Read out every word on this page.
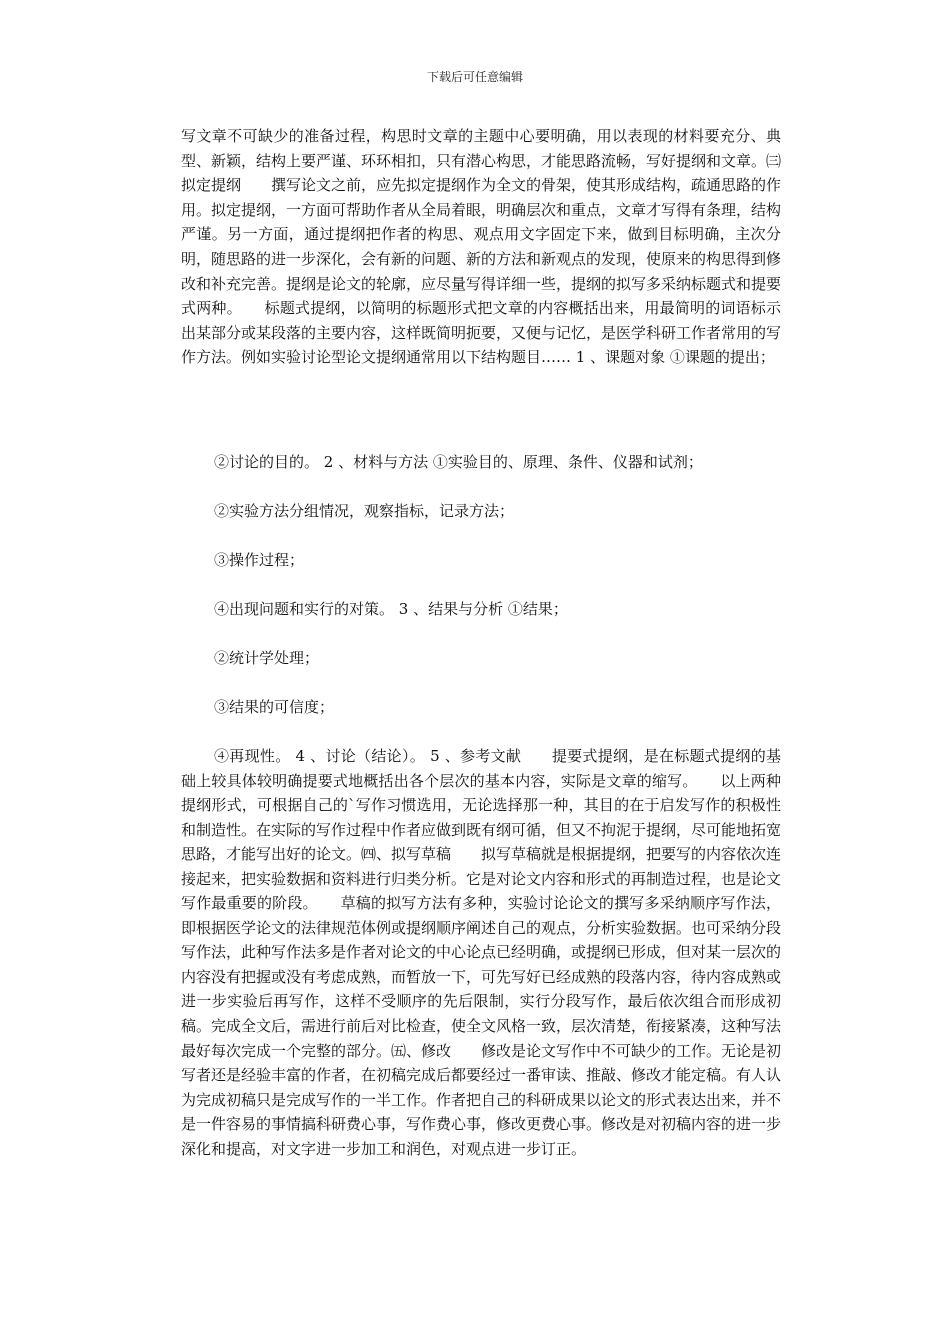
下载后可任意编辑
写文章不可缺少的准备过程，构思时文章的主题中心要明确，用以表现的材料要充分、典型、新颖，结构上要严谨、环环相扣，只有潜心构思，才能思路流畅，写好提纲和文章。㈢拟定提纲　　撰写论文之前，应先拟定提纲作为全文的骨架，使其形成结构，疏通思路的作用。拟定提纲，一方面可帮助作者从全局着眼，明确层次和重点，文章才写得有条理，结构严谨。另一方面，通过提纲把作者的构思、观点用文字固定下来，做到目标明确，主次分明，随思路的进一步深化，会有新的问题、新的方法和新观点的发现，使原来的构思得到修改和补充完善。提纲是论文的轮廓，应尽量写得详细一些，提纲的拟写多采纳标题式和提要式两种。　　标题式提纲，以简明的标题形式把文章的内容概括出来，用最简明的词语标示出某部分或某段落的主要内容，这样既简明扼要，又便与记忆，是医学科研工作者常用的写作方法。例如实验讨论型论文提纲通常用以下结构题目…… 1 、课题对象 ①课题的提出；
②讨论的目的。 2 、材料与方法 ①实验目的、原理、条件、仪器和试剂；
②实验方法分组情况，观察指标，记录方法；
③操作过程；
④出现问题和实行的对策。 3 、结果与分析 ①结果；
②统计学处理；
③结果的可信度；
④再现性。 4 、讨论（结论）。 5 、参考文献　　提要式提纲，是在标题式提纲的基础上较具体较明确提要式地概括出各个层次的基本内容，实际是文章的缩写。　　以上两种提纲形式，可根据自己的`写作习惯选用，无论选择那一种，其目的在于启发写作的积极性和制造性。在实际的写作过程中作者应做到既有纲可循，但又不拘泥于提纲，尽可能地拓宽思路，才能写出好的论文。㈣、拟写草稿　　拟写草稿就是根据提纲，把要写的内容依次连接起来，把实验数据和资料进行归类分析。它是对论文内容和形式的再制造过程，也是论文写作最重要的阶段。　　草稿的拟写方法有多种，实验讨论论文的撰写多采纳顺序写作法，即根据医学论文的法律规范体例或提纲顺序阐述自己的观点，分析实验数据。也可采纳分段写作法，此种写作法多是作者对论文的中心论点已经明确，或提纲已形成，但对某一层次的内容没有把握或没有考虑成熟，而暂放一下，可先写好已经成熟的段落内容，待内容成熟或进一步实验后再写作，这样不受顺序的先后限制，实行分段写作，最后依次组合而形成初稿。完成全文后，需进行前后对比检查，使全文风格一致，层次清楚，衔接紧凑，这种写法最好每次完成一个完整的部分。㈤、修改　　修改是论文写作中不可缺少的工作。无论是初写者还是经验丰富的作者，在初稿完成后都要经过一番审读、推敲、修改才能定稿。有人认为完成初稿只是完成写作的一半工作。作者把自己的科研成果以论文的形式表达出来，并不是一件容易的事情搞科研费心事，写作费心事，修改更费心事。修改是对初稿内容的进一步深化和提高，对文字进一步加工和润色，对观点进一步订正。
